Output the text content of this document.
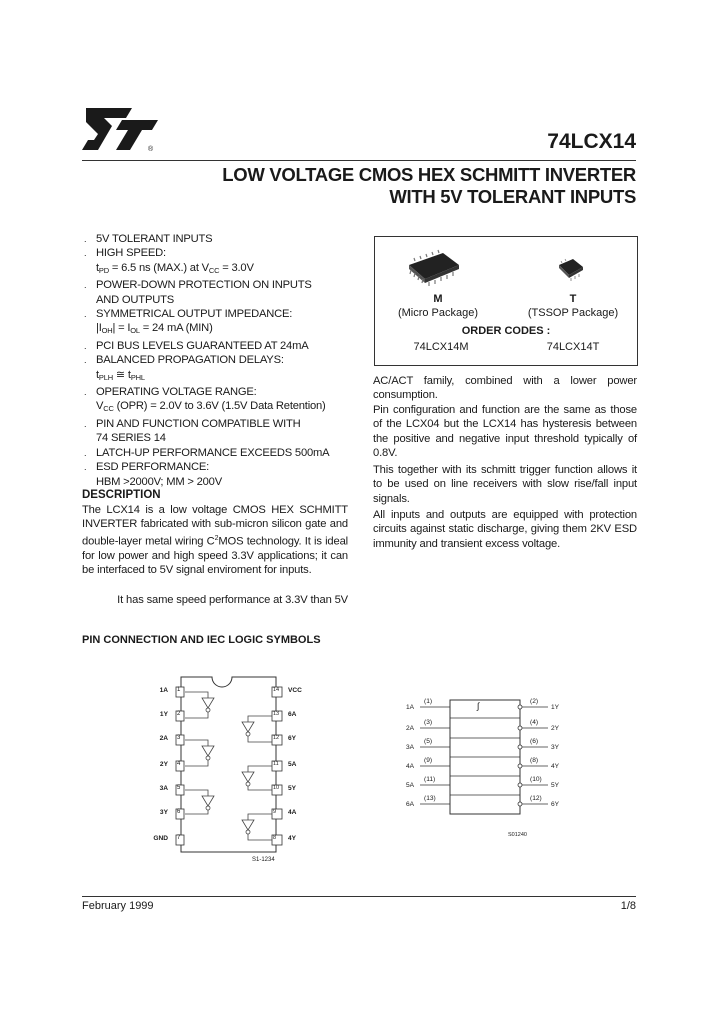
®	74LCX14
LOW VOLTAGE CMOS HEX SCHMITT INVERTER
WITH 5V TOLERANT INPUTS
. 5V TOLERANT INPUTS
. HIGH SPEED:
tPD = 6.5 ns (MAX.) at VCC = 3.0V
. POWER-DOWN PROTECTION ON INPUTS
AND OUTPUTS
. SYMMETRICAL OUTPUT IMPEDANCE:
|IOH| = IOL = 24 mA (MIN)
. PCI BUS LEVELS GUARANTEED AT 24mA
. BALANCED PROPAGATION DELAYS:
tPLH ≅ tPHL
. OPERATING VOLTAGE RANGE:
VCC (OPR) = 2.0V to 3.6V (1.5V Data Retention)
. PIN AND FUNCTION COMPATIBLE WITH
74 SERIES 14
. LATCH-UP PERFORMANCE EXCEEDS 500mA
. ESD PERFORMANCE:
HBM >2000V; MM > 200V

M

(Micro Package)

T

(TSSOP Package)

ORDER CODES :

74LCX14M	74LCX14T

DESCRIPTION

The LCX14 is a low voltage CMOS HEX SCHMITT INVERTER fabricated with sub-micron silicon gate and double-layer metal wiring $C^2MOS$ technology. It is ideal for low power and high speed 3.3V applications; it can be interfaced to 5V signal enviroment for inputs.

It has same speed performance at 3.3V than 5V

AC/ACT family, combined with a lower power consumption.

Pin configuration and function are the same as those of the LCX04 but the LCX14 has hysteresis between the positive and negative input threshold typically of 0.8V.

This together with its schmitt trigger function allows it to be used on line receivers with slow rise/fall input signals.

All inputs and outputs are equipped with protection circuits against static discharge, giving them 2KV ESD immunity and transient excess voltage.

PIN CONNECTION AND IEC LOGIC SYMBOLS

1A 1
1Y 2
2A 3
2Y 4
3A 5
3Y 6
GND 7
14 VCC
13 6A
12 6Y
11 5A
10 5Y
9 4A
8 4Y

S1-1234

∫

1A
(1)
2A
(3)
3A
(5)
4A
(9)
5A
(11)
6A
(13)
(2)
1Y
(4)
2Y
(6)
3Y
(8)
4Y
(10)
5Y
(12)
6Y

S01240

February 1999	1/8
